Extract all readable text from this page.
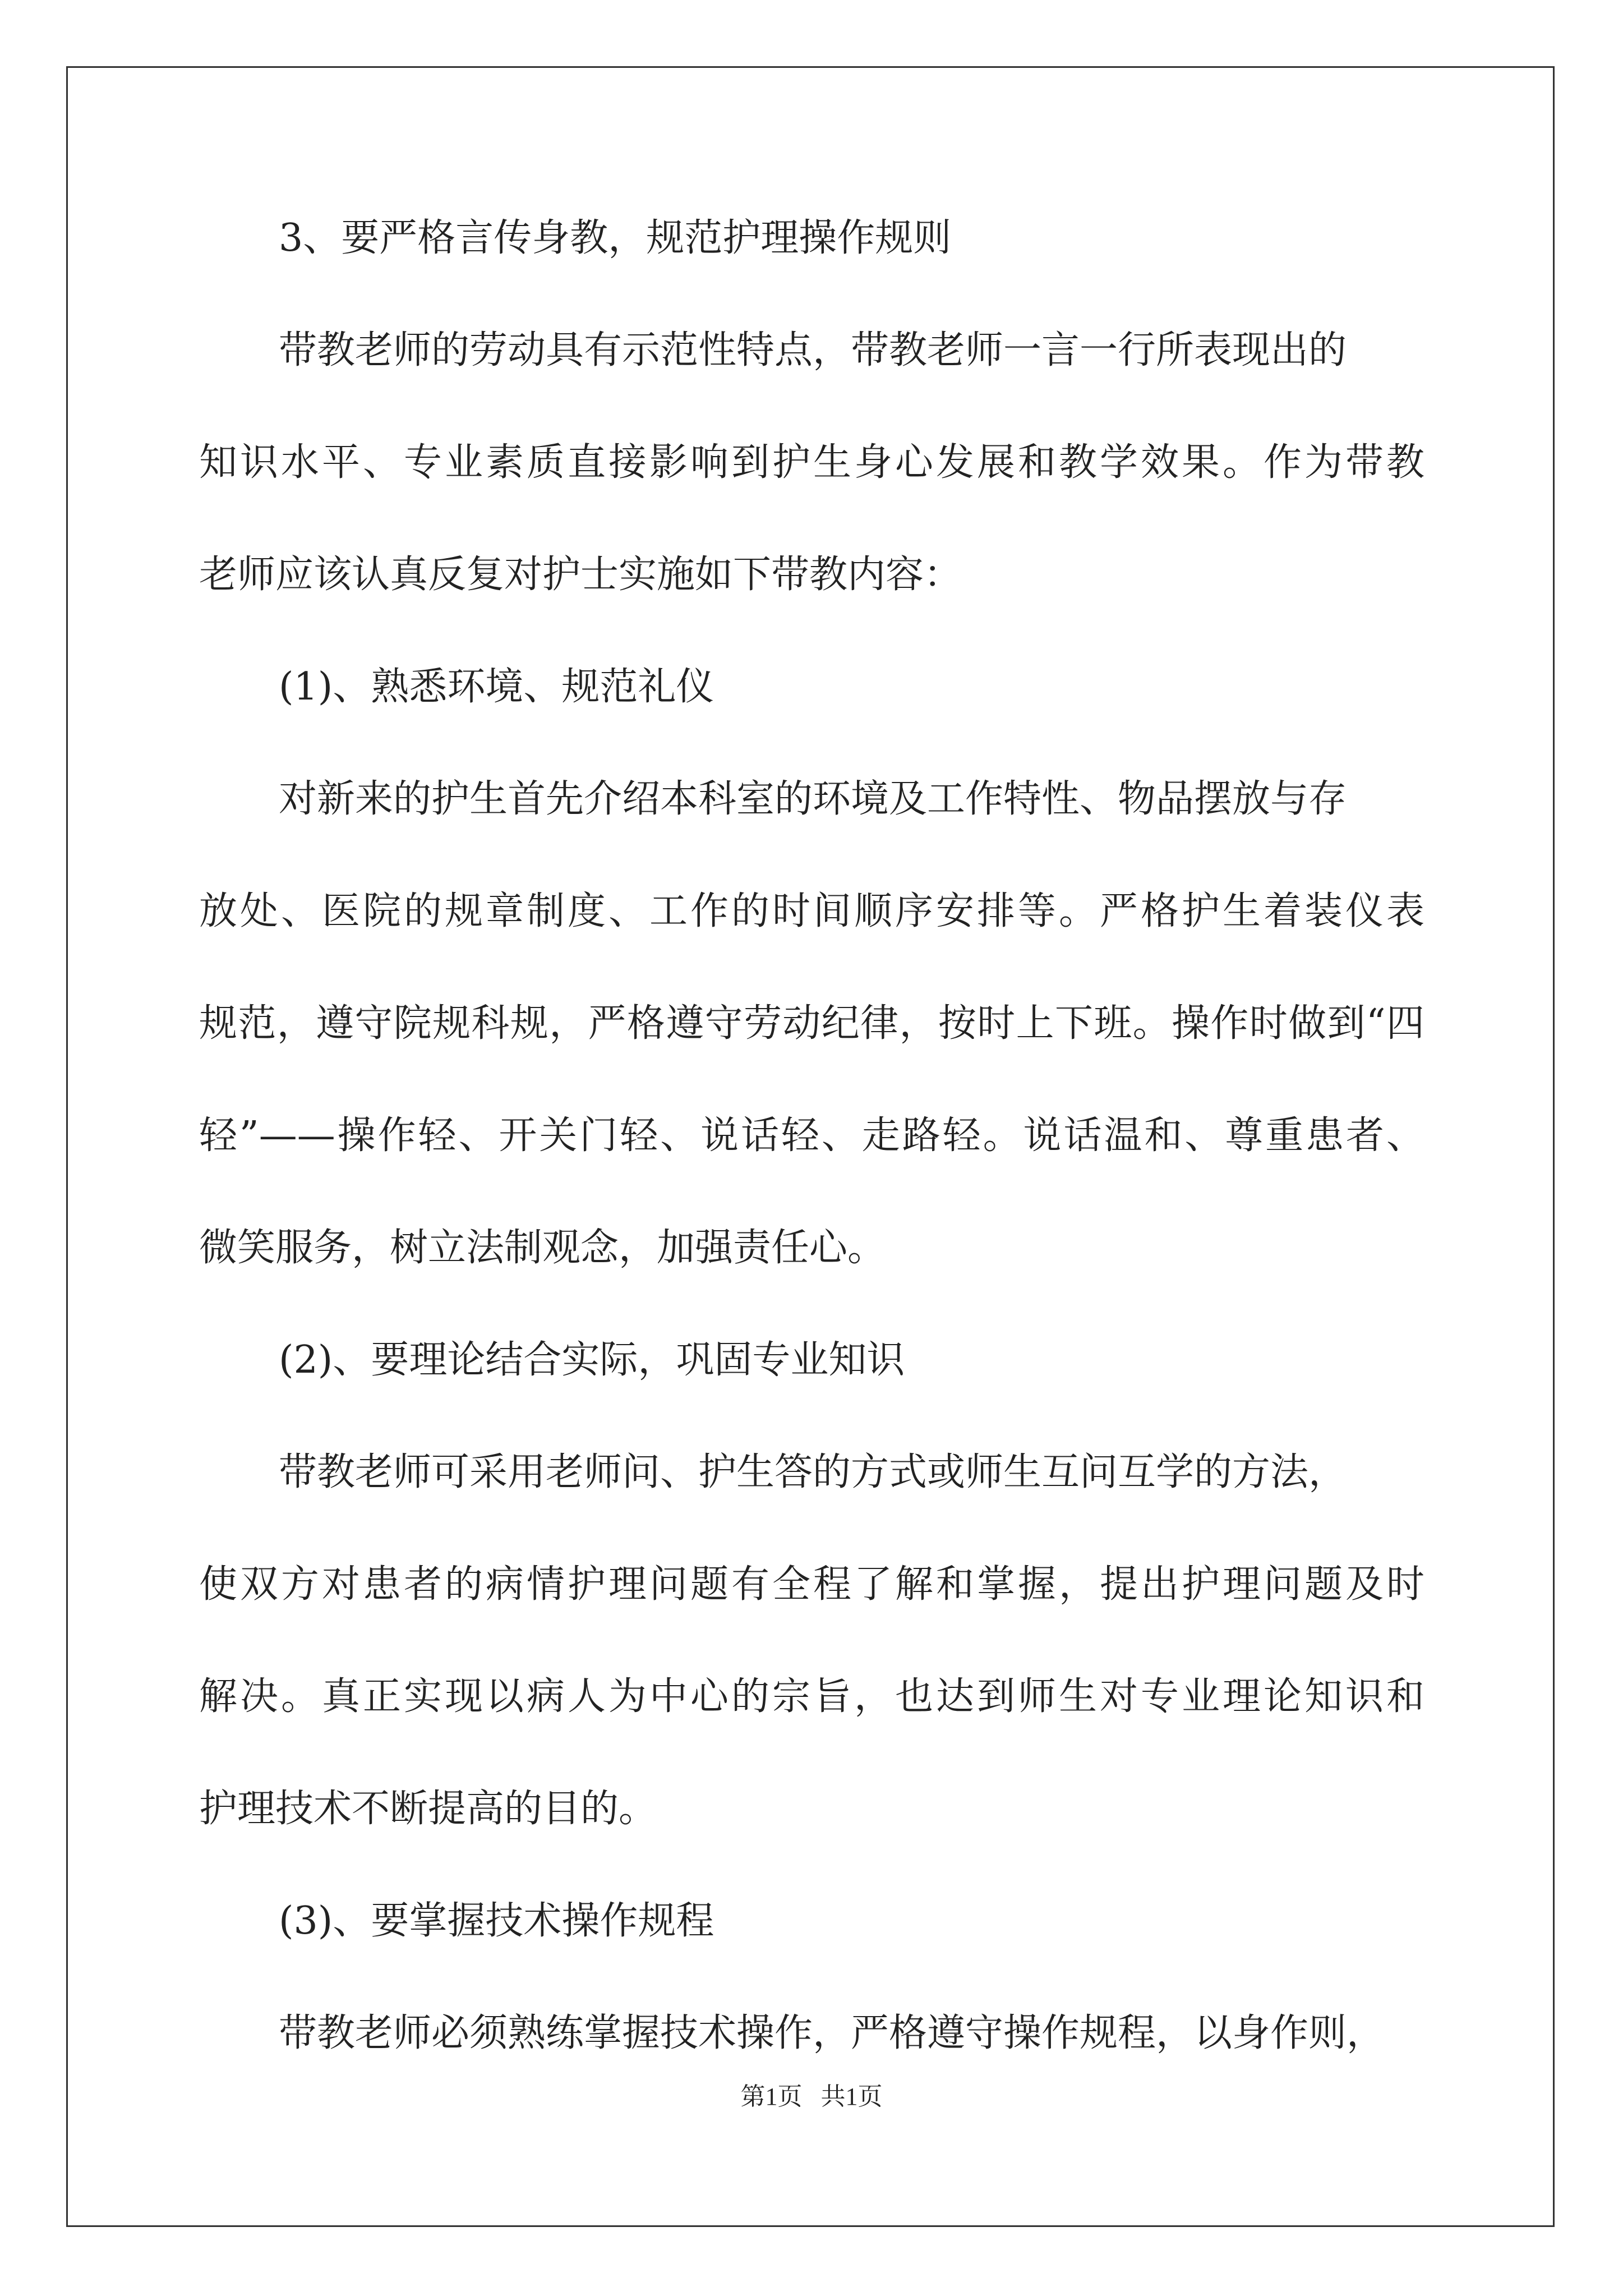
3、要严格言传身教，规范护理操作规则
带教老师的劳动具有示范性特点，带教老师一言一行所表现出的
知识水平、专业素质直接影响到护生身心发展和教学效果。作为带教
老师应该认真反复对护士实施如下带教内容：
(1)、熟悉环境、规范礼仪
对新来的护生首先介绍本科室的环境及工作特性、物品摆放与存
放处、医院的规章制度、工作的时间顺序安排等。严格护生着装仪表
规范，遵守院规科规，严格遵守劳动纪律，按时上下班。操作时做到“四
轻”——操作轻、开关门轻、说话轻、走路轻。说话温和、尊重患者、
微笑服务，树立法制观念，加强责任心。
(2)、要理论结合实际，巩固专业知识
带教老师可采用老师问、护生答的方式或师生互问互学的方法，
使双方对患者的病情护理问题有全程了解和掌握，提出护理问题及时
解决。真正实现以病人为中心的宗旨，也达到师生对专业理论知识和
护理技术不断提高的目的。
(3)、要掌握技术操作规程
带教老师必须熟练掌握技术操作，严格遵守操作规程，以身作则，
第1页   共1页
